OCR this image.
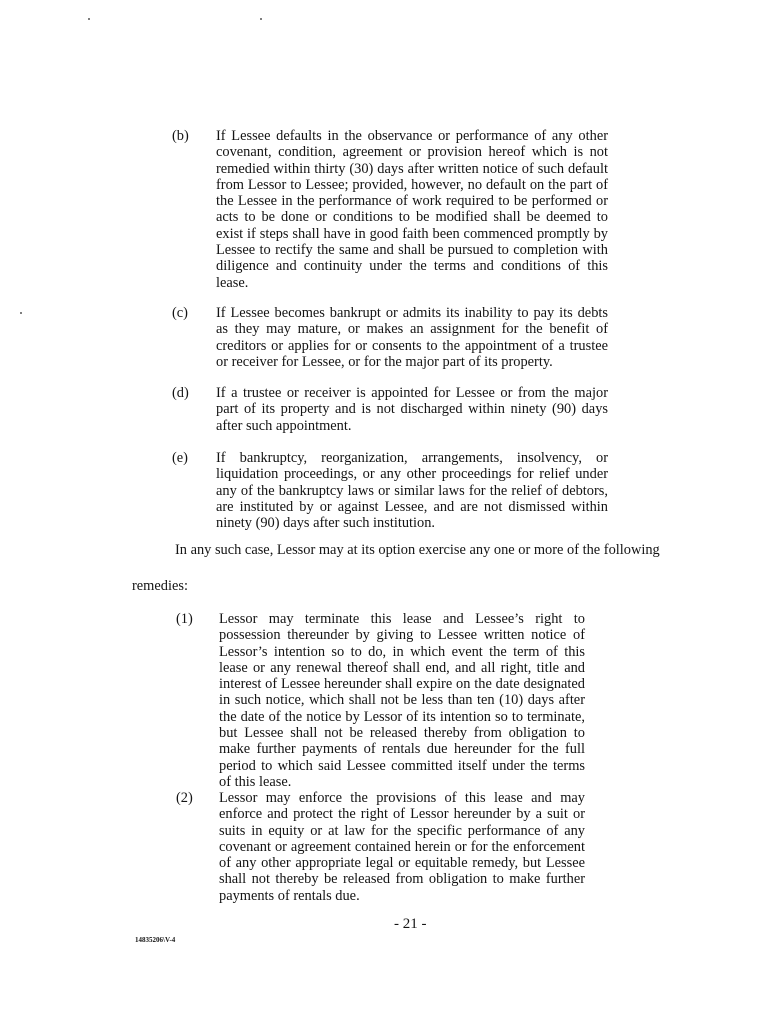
(b) If Lessee defaults in the observance or performance of any other covenant, condition, agreement or provision hereof which is not remedied within thirty (30) days after written notice of such default from Lessor to Lessee; provided, however, no default on the part of the Lessee in the performance of work required to be performed or acts to be done or conditions to be modified shall be deemed to exist if steps shall have in good faith been commenced promptly by Lessee to rectify the same and shall be pursued to completion with diligence and continuity under the terms and conditions of this lease.
(c) If Lessee becomes bankrupt or admits its inability to pay its debts as they may mature, or makes an assignment for the benefit of creditors or applies for or consents to the appointment of a trustee or receiver for Lessee, or for the major part of its property.
(d) If a trustee or receiver is appointed for Lessee or from the major part of its property and is not discharged within ninety (90) days after such appointment.
(e) If bankruptcy, reorganization, arrangements, insolvency, or liquidation proceedings, or any other proceedings for relief under any of the bankruptcy laws or similar laws for the relief of debtors, are instituted by or against Lessee, and are not dismissed within ninety (90) days after such institution.
In any such case, Lessor may at its option exercise any one or more of the following
remedies:
(1) Lessor may terminate this lease and Lessee’s right to possession thereunder by giving to Lessee written notice of Lessor’s intention so to do, in which event the term of this lease or any renewal thereof shall end, and all right, title and interest of Lessee hereunder shall expire on the date designated in such notice, which shall not be less than ten (10) days after the date of the notice by Lessor of its intention so to terminate, but Lessee shall not be released thereby from obligation to make further payments of rentals due hereunder for the full period to which said Lessee committed itself under the terms of this lease.
(2) Lessor may enforce the provisions of this lease and may enforce and protect the right of Lessor hereunder by a suit or suits in equity or at law for the specific performance of any covenant or agreement contained herein or for the enforcement of any other appropriate legal or equitable remedy, but Lessee shall not thereby be released from obligation to make further payments of rentals due.
- 21 -
14835206\V-4
